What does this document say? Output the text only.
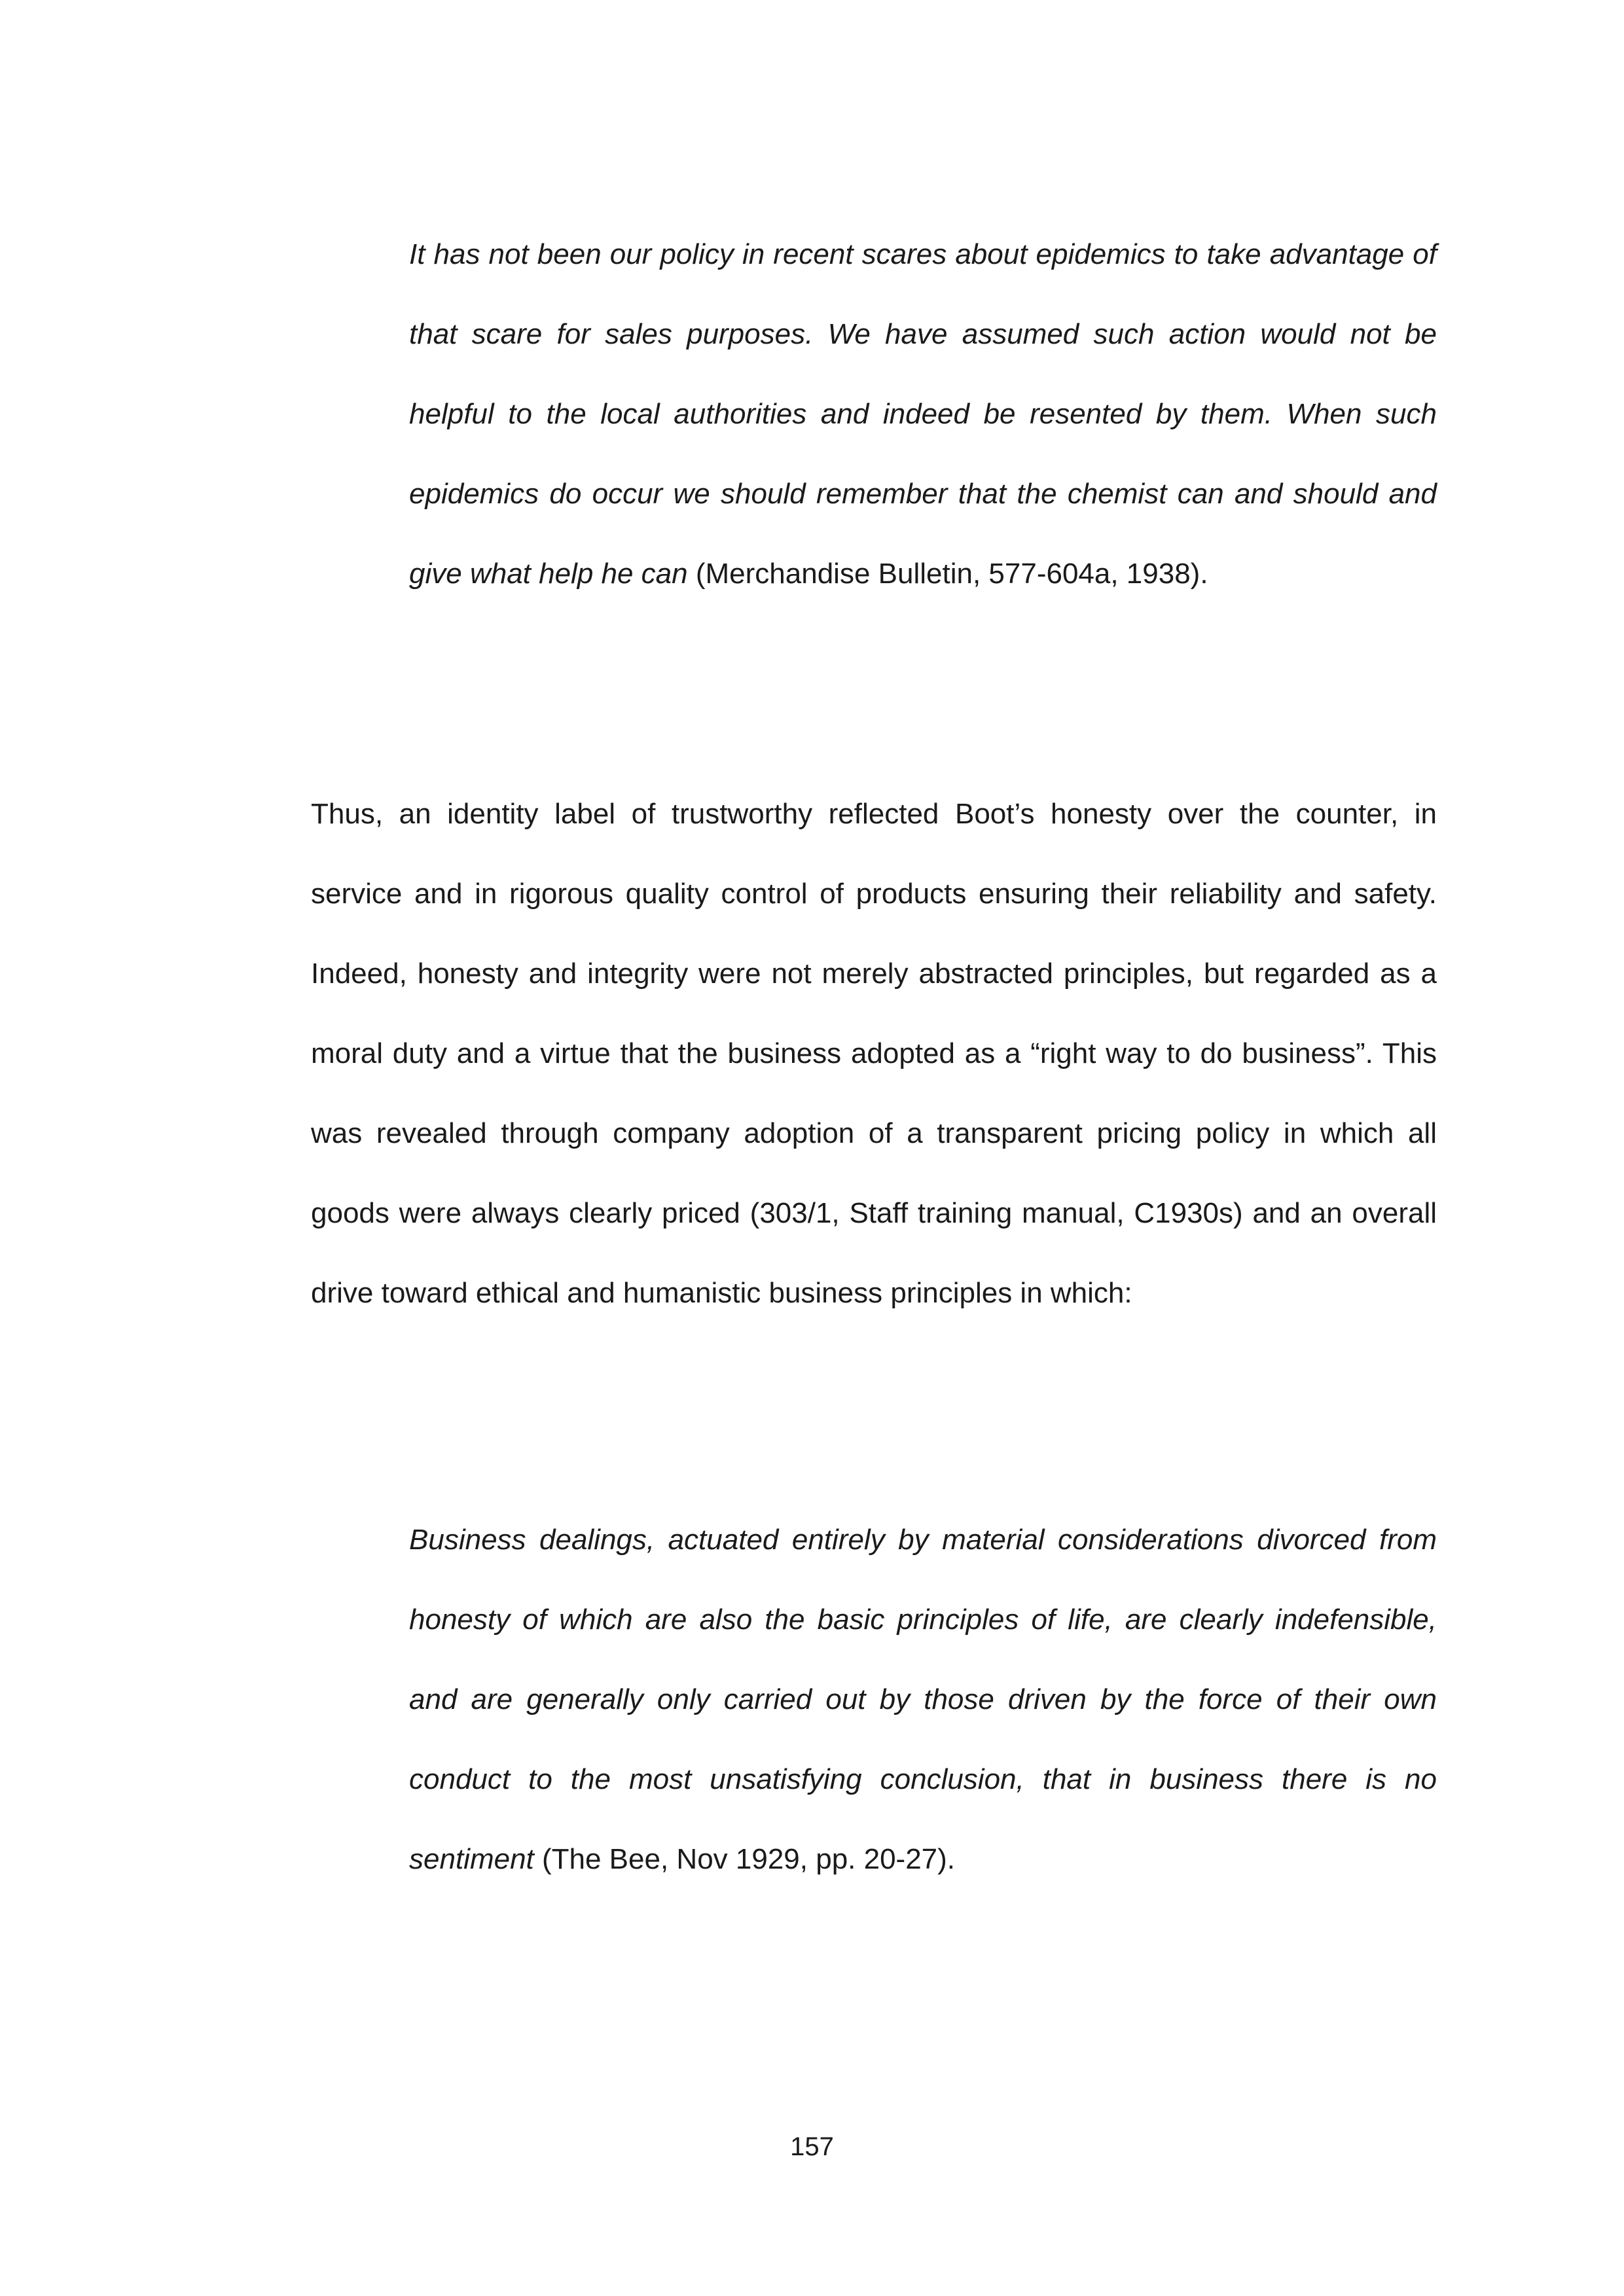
It has not been our policy in recent scares about epidemics to take advantage of that scare for sales purposes. We have assumed such action would not be helpful to the local authorities and indeed be resented by them. When such epidemics do occur we should remember that the chemist can and should and give what help he can (Merchandise Bulletin, 577-604a, 1938).

Thus, an identity label of trustworthy reflected Boot’s honesty over the counter, in service and in rigorous quality control of products ensuring their reliability and safety. Indeed, honesty and integrity were not merely abstracted principles, but regarded as a moral duty and a virtue that the business adopted as a “right way to do business”. This was revealed through company adoption of a transparent pricing policy in which all goods were always clearly priced (303/1, Staff training manual, C1930s) and an overall drive toward ethical and humanistic business principles in which:

Business dealings, actuated entirely by material considerations divorced from honesty of which are also the basic principles of life, are clearly indefensible, and are generally only carried out by those driven by the force of their own conduct to the most unsatisfying conclusion, that in business there is no sentiment (The Bee, Nov 1929, pp. 20-27).

157
